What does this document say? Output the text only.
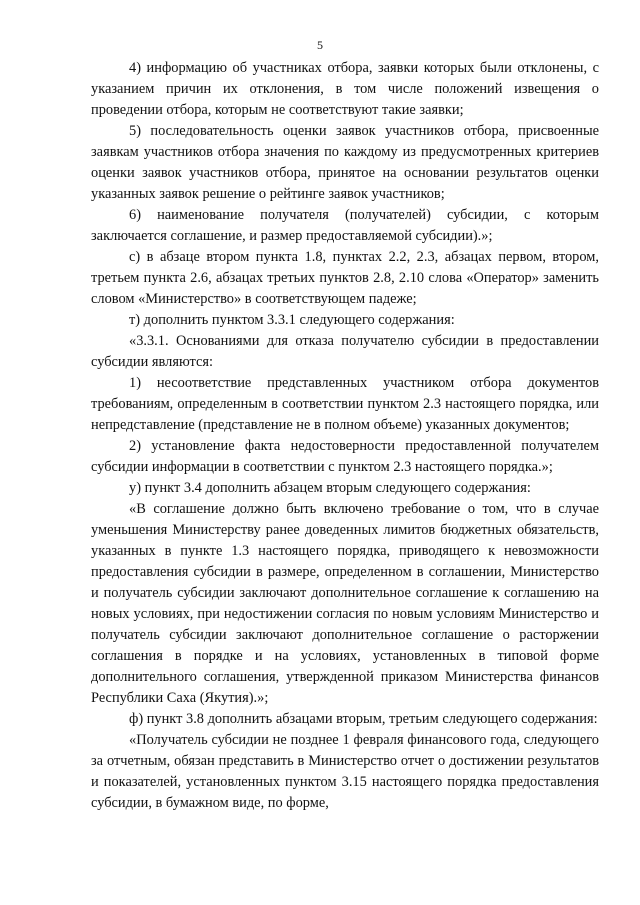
5

4) информацию об участниках отбора, заявки которых были отклонены, с указанием причин их отклонения, в том числе положений извещения о проведении отбора, которым не соответствуют такие заявки;

5) последовательность оценки заявок участников отбора, присвоенные заявкам участников отбора значения по каждому из предусмотренных критериев оценки заявок участников отбора, принятое на основании результатов оценки указанных заявок решение о рейтинге заявок участников;

6) наименование получателя (получателей) субсидии, с которым заключается соглашение, и размер предоставляемой субсидии).»;

с) в абзаце втором пункта 1.8, пунктах 2.2, 2.3, абзацах первом, втором, третьем пункта 2.6, абзацах третьих пунктов 2.8, 2.10 слова «Оператор» заменить словом «Министерство» в соответствующем падеже;

т) дополнить пунктом 3.3.1 следующего содержания:

«3.3.1. Основаниями для отказа получателю субсидии в предоставлении субсидии являются:

1) несоответствие представленных участником отбора документов требованиям, определенным в соответствии пунктом 2.3 настоящего порядка, или непредставление (представление не в полном объеме) указанных документов;

2) установление факта недостоверности предоставленной получателем субсидии информации в соответствии с пунктом 2.3 настоящего порядка.»;

у) пункт 3.4 дополнить абзацем вторым следующего содержания:

«В соглашение должно быть включено требование о том, что в случае уменьшения Министерству ранее доведенных лимитов бюджетных обязательств, указанных в пункте 1.3 настоящего порядка, приводящего к невозможности предоставления субсидии в размере, определенном в соглашении, Министерство и получатель субсидии заключают дополнительное соглашение к соглашению на новых условиях, при недостижении согласия по новым условиям Министерство и получатель субсидии заключают дополнительное соглашение о расторжении соглашения в порядке и на условиях, установленных в типовой форме дополнительного соглашения, утвержденной приказом Министерства финансов Республики Саха (Якутия).»;

ф) пункт 3.8 дополнить абзацами вторым, третьим следующего содержания:

«Получатель субсидии не позднее 1 февраля финансового года, следующего за отчетным, обязан представить в Министерство отчет о достижении результатов и показателей, установленных пунктом 3.15 настоящего порядка предоставления субсидии, в бумажном виде, по форме,
